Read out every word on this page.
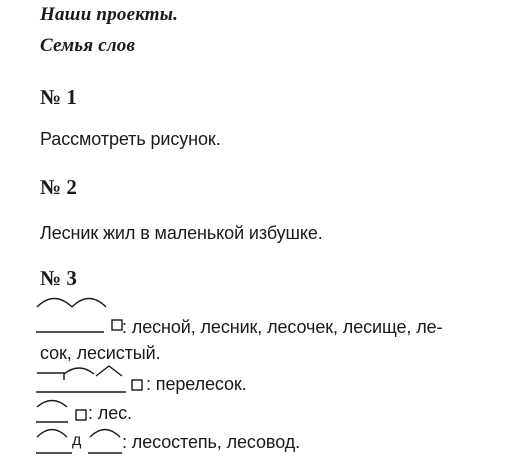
Наши проекты.
Семья слов
№ 1
Рассмотреть рисунок.
№ 2
Лесник жил в маленькой избушке.
№ 3
: лесной, лесник, лесочек, лесище, ле-
сок, лесистый.
: перелесок.
: лес.
д : лесостепь, лесовод.
